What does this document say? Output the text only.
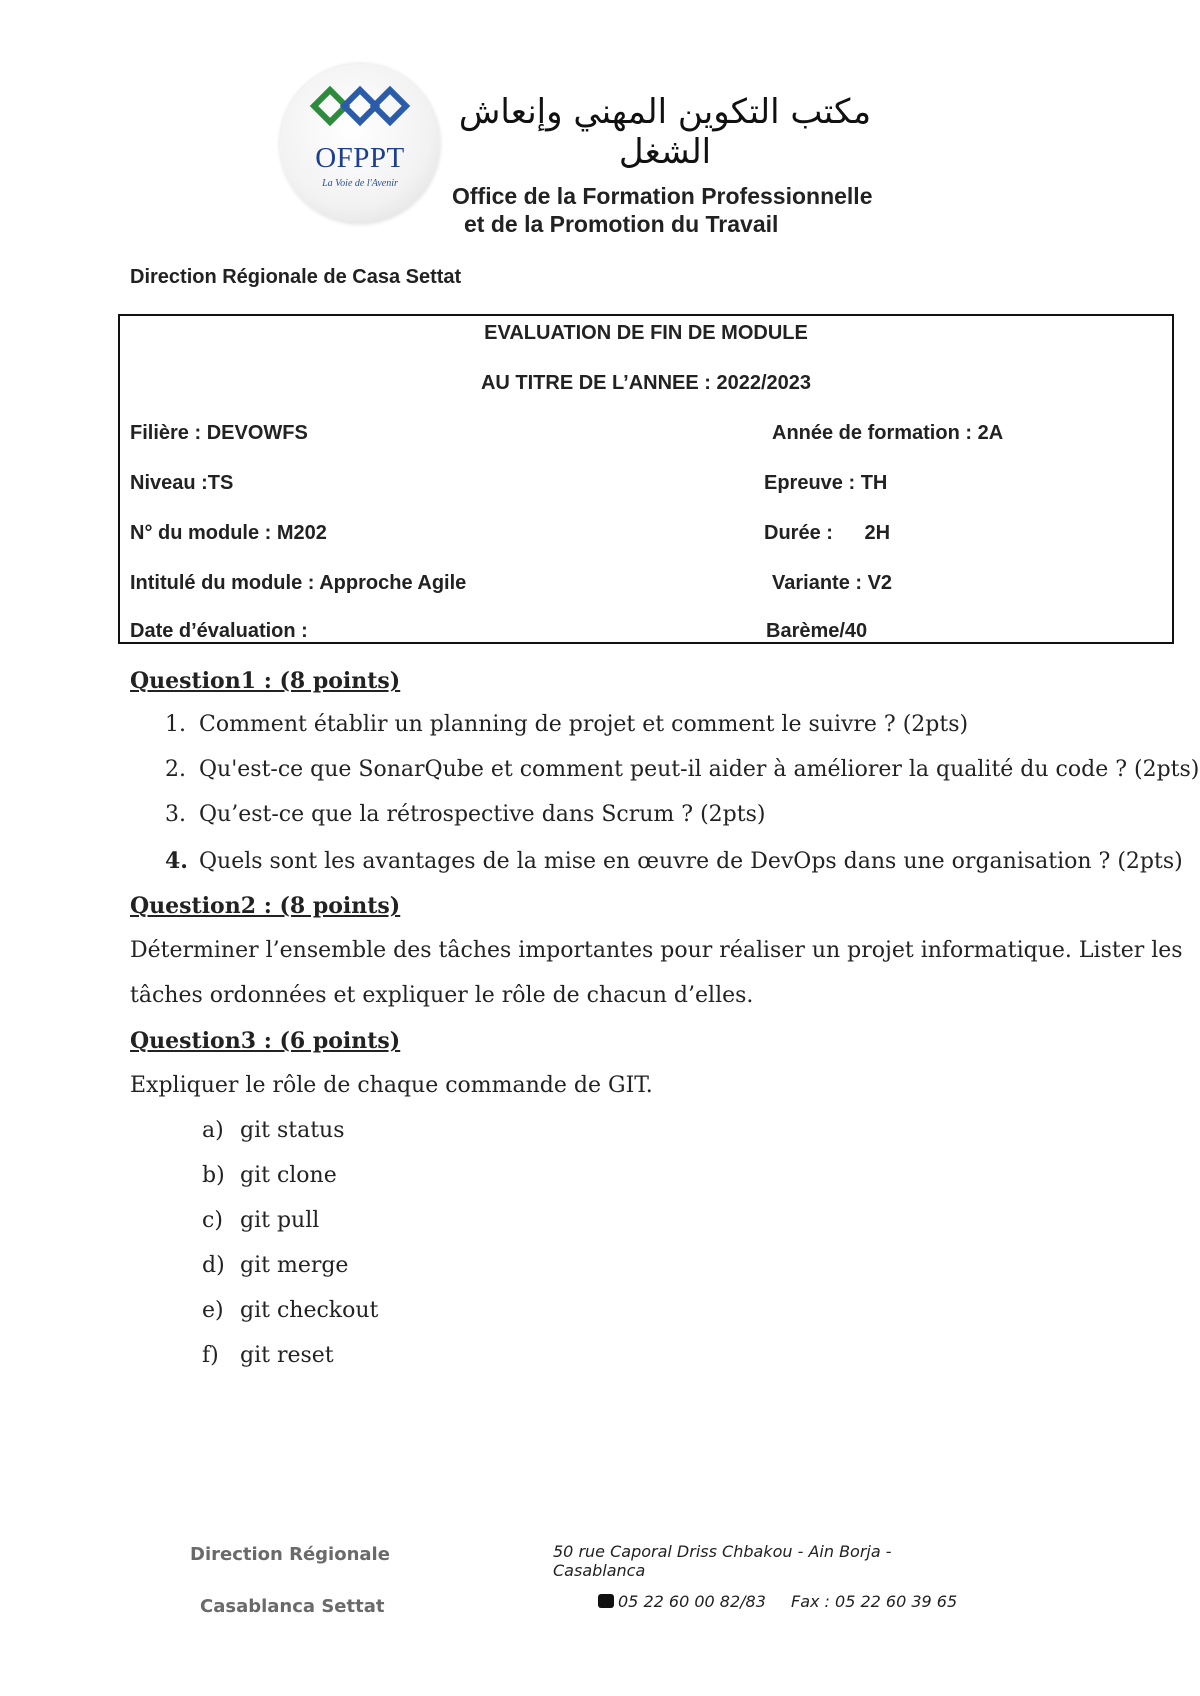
OFPPT
La Voie de l'Avenir
مكتب التكوين المهني وإنعاش الشغل
Office de la Formation Professionnelle
et de la Promotion du Travail
Direction Régionale de Casa Settat
EVALUATION DE FIN DE MODULE
AU TITRE DE L’ANNEE : 2022/2023
Filière : DEVOWFS	Année de formation : 2A
Niveau :TS	Epreuve : TH
N° du module : M202	Durée : 2H
Intitulé du module : Approche Agile	Variante : V2
Date d’évaluation :	Barème/40
Question1 : (8 points)
1. Comment établir un planning de projet et comment le suivre ? (2pts)
2. Qu'est-ce que SonarQube et comment peut-il aider à améliorer la qualité du code ? (2pts)
3. Qu’est-ce que la rétrospective dans Scrum ? (2pts)
4. Quels sont les avantages de la mise en œuvre de DevOps dans une organisation ? (2pts)
Question2 : (8 points)
Déterminer l’ensemble des tâches importantes pour réaliser un projet informatique. Lister les
tâches ordonnées et expliquer le rôle de chacun d’elles.
Question3 : (6 points)
Expliquer le rôle de chaque commande de GIT.
a) git status
b) git clone
c) git pull
d) git merge
e) git checkout
f) git reset
Direction Régionale
Casablanca Settat
50 rue Caporal Driss Chbakou - Ain Borja - Casablanca
05 22 60 00 82/83 Fax : 05 22 60 39 65
